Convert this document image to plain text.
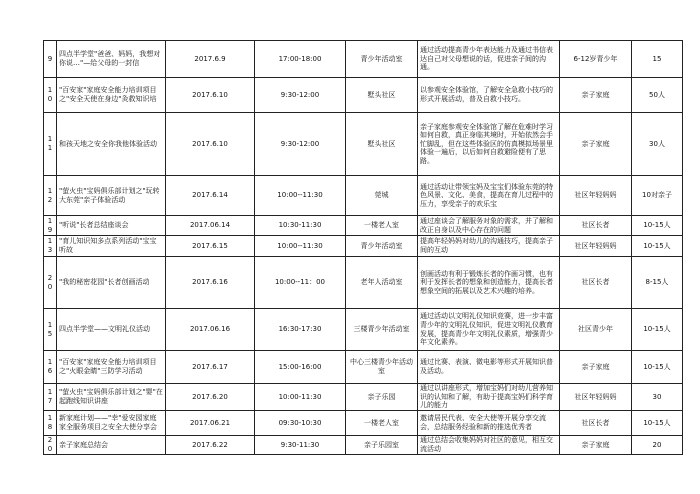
9	四点半学堂"爸爸、妈妈，我想对你说…"—给父母的一封信	2017.6.9	17:00-18:00	青少年活动室	通过活动提高青少年表达能力及通过书信表达自己对父母想说的话，促进亲子间的沟通。	6-12岁青少年	15
10	"百安家"家庭安全能力培训项目之"安全天使在身边"灸救知识培	2017.6.10	9:30-12:00	墅头社区	以参观安全体验馆，了解安全急救小技巧的形式开展活动，普及自救小技巧。	亲子家庭	50人
11	和孩天地之安全你我他体验活动	2017.6.10	9:30-12:00	墅头社区	亲子家庭参观安全体验馆了解在危难时学习如何自救，真正身临其境时，开始依然会手忙脚乱，但在这些体验区的仿真模拟场景里体验一遍后，以后如何自救避险便有了思路。	亲子家庭	30人
12	"萤火虫"宝妈俱乐部计划之"玩转大东莞"亲子体验活动	2017.6.14	10:00--11:30	莞城	通过活动让带领宝妈及宝宝们体验东莞的特色风景、文化、美食，提高在育儿过程中的压力，享受亲子的欢乐宝	社区年轻妈妈	10对亲子
19	"听说"长者总结座谈会	2017.06.14	10:30-11:30	一楼老人室	通过座谈会了解服务对象的需求，并了解和改正自身以及中心存在的问题	社区长者	10-15人
13	"育儿知识知多点系列活动"宝宝听故	2017.6.15	10:00--11:30	青少年活动室	提高年轻妈妈对幼儿的沟通技巧，提高亲子间的互动	社区年轻妈妈	10-15人
20	"我的秘密花园"长者创画活动	2017.6.16	10:00--11：00	老年人活动室	创画活动有利于锻炼长者的作画习惯，也有利于发挥长者的想象和创造能力，提高长者想象空间的拓展以及艺术兴趣的培养。	社区长者	8-15人
15	四点半学堂——文明礼仪活动	2017.06.16	16:30-17:30	三楼青少年活动室	通过活动以文明礼仪知识竞赛，进一步丰富青少年的文明礼仪知识，促进文明礼仪教育发展，提高青少年文明礼仪素质，增强青少年文化素养。	社区青少年	10-15人
16	"百安家"家庭安全能力培训项目之"火眼金睛"三防学习活动	2017.6.17	15:00-16:00	中心三楼青少年活动室	通过比赛、表演、微电影等形式开展知识普及活动。	亲子家庭	10-15人
17	"萤火虫"宝妈俱乐部计划之"婴"在起跑线知识讲座	2017.6.20	10:00-11:30	亲子乐园	通过以讲座形式，增加宝妈们对幼儿营养知识的认知和了解，有助于提高宝妈们科学育儿的能力	社区年轻妈妈	30
18	新家庭计划——"幸"爱安园家庭家全服务项目之安全大使分享会	2017.06.21	09:30-10:30	一楼老人室	邀请居民代表、安全大使等开展分享交流会，总结服务经验和新的推选优秀者	社区长者	10-15人
20	亲子家庭总结会	2017.6.22	9:30-11:30	亲子乐园室	通过总结会收集妈妈对社区的意见，相互交流活动	亲子家庭	20
